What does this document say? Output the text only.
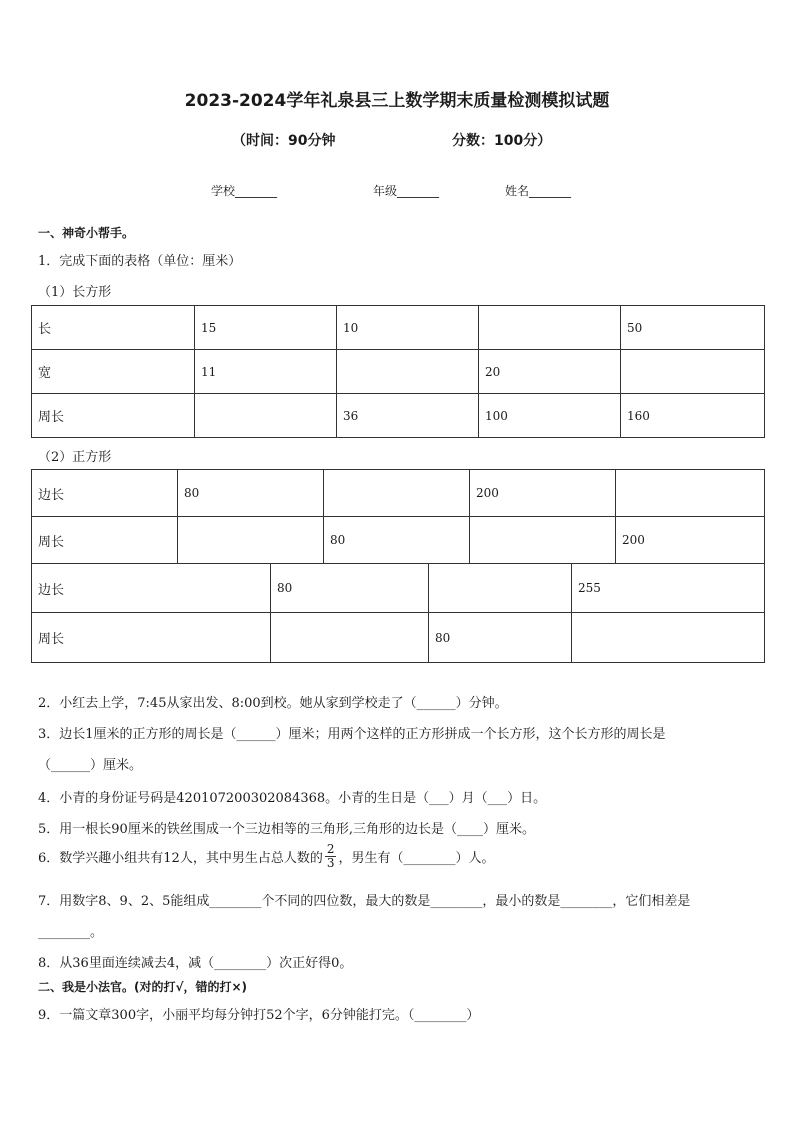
2023-2024学年礼泉县三上数学期末质量检测模拟试题
（时间：90分钟	分数：100分）
学校_______	年级_______	姓名_______
一、神奇小帮手。
1．完成下面的表格（单位：厘米）
（1）长方形
长	15	10		50
宽	11		20	
周长		36	100	160
（2）正方形
边长	80		200	
周长		80		200
边长	80		255
周长		80	
2．小红去上学，7:45从家出发、8:00到校。她从家到学校走了（______）分钟。
3．边长1厘米的正方形的周长是（______）厘米；用两个这样的正方形拼成一个长方形，这个长方形的周长是
（______）厘米。
4．小青的身份证号码是420107200302084368。小青的生日是（___）月（___）日。
5．用一根长90厘米的铁丝围成一个三边相等的三角形,三角形的边长是（____）厘米。
6．数学兴趣小组共有12人，其中男生占总人数的 $\frac{2}{3}$ ，男生有（________）人。
7．用数字8、9、2、5能组成________个不同的四位数，最大的数是________，最小的数是________，它们相差是
________。
8．从36里面连续减去4，减（________）次正好得0。
二、我是小法官。(对的打√，错的打×)
9．一篇文章300字，小丽平均每分钟打52个字，6分钟能打完。（________）
